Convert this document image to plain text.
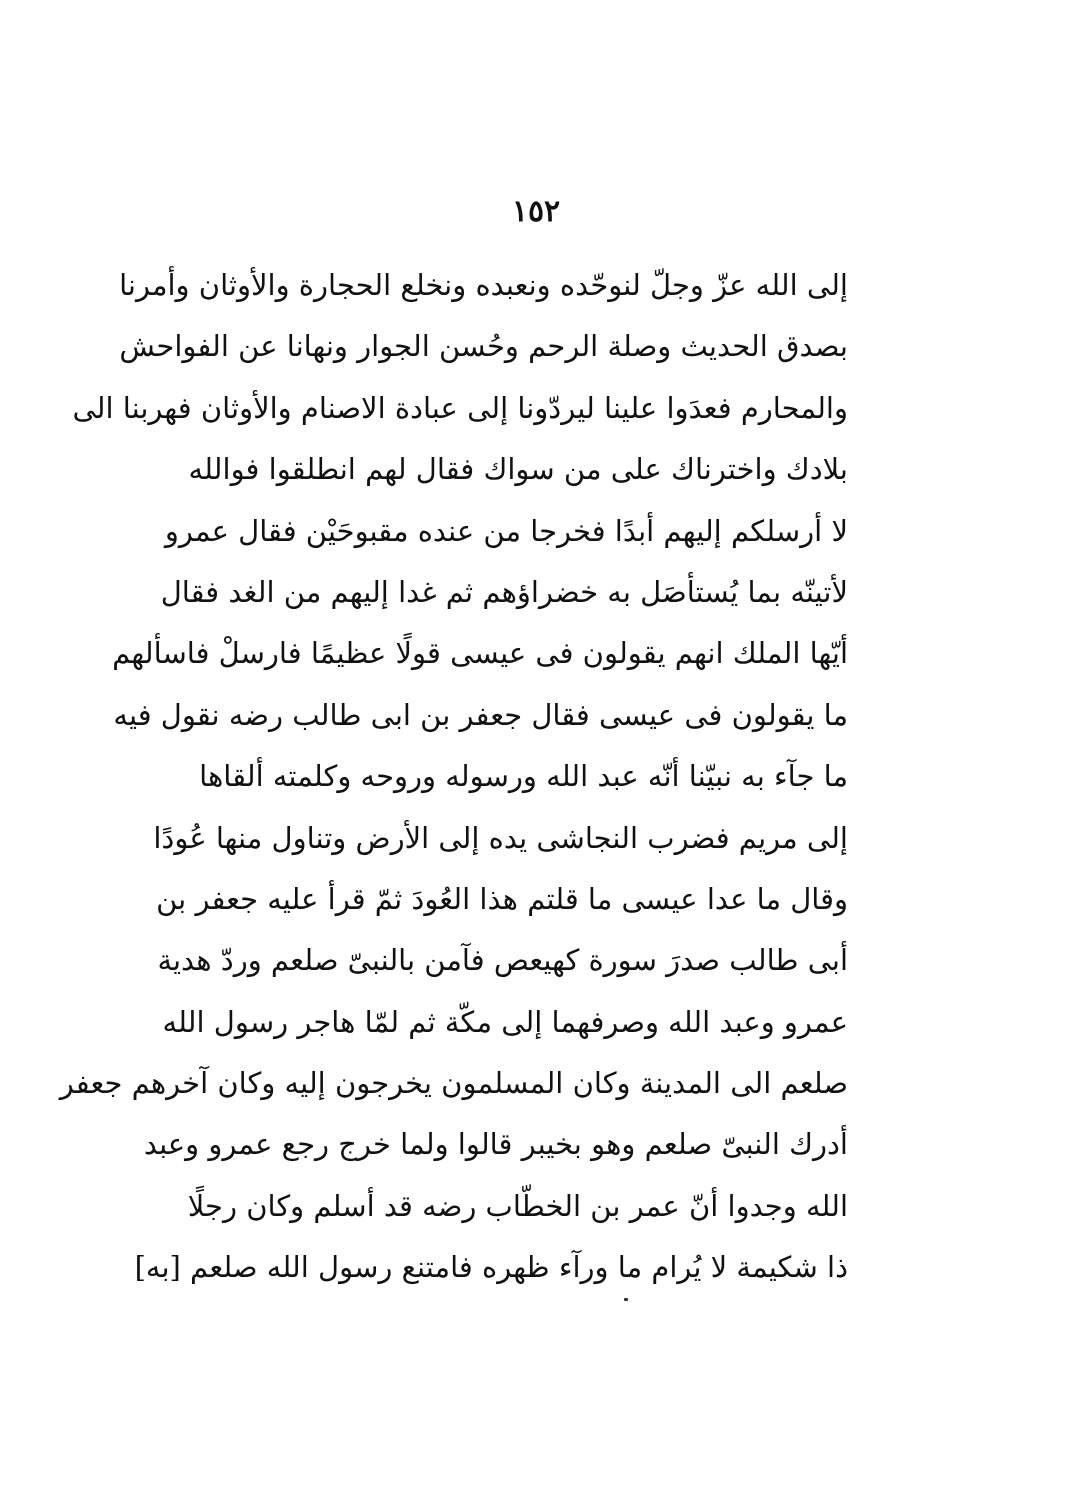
١٥٢
إلى الله عزّ وجلّ لنوحّده ونعبده ونخلع الحجارة والأوثان وأمرنا
بصدق الحديث وصلة الرحم وحُسن الجوار ونهانا عن الفواحش
والمحارم فعدَوا علينا ليردّونا إلى عبادة الاصنام والأوثان فهربنا الى
بلادك واخترناك على من سواك فقال لهم انطلقوا فوالله
لا أرسلكم إليهم أبدًا فخرجا من عنده مقبوحَيْن فقال عمرو
لأتينّه بما يُستأصَل به خضراؤهم ثم غدا إليهم من الغد فقال
أيّها الملك انهم يقولون فى عيسى قولًا عظيمًا فارسلْ فاسألهم
ما يقولون فى عيسى فقال جعفر بن ابى طالب رضه نقول فيه
ما جآء به نبيّنا أنّه عبد الله ورسوله وروحه وكلمته ألقاها
إلى مريم فضرب النجاشى يده إلى الأرض وتناول منها عُودًا
وقال ما عدا عيسى ما قلتم هذا العُودَ ثمّ قرأ عليه جعفر بن
أبى طالب صدرَ سورة كهيعص فآمن بالنبىّ صلعم وردّ هدية
عمرو وعبد الله وصرفهما إلى مكّة ثم لمّا هاجر رسول الله
صلعم الى المدينة وكان المسلمون يخرجون إليه وكان آخرهم جعفر
أدرك النبىّ صلعم وهو بخيبر قالوا ولما خرج رجع عمرو وعبد
الله وجدوا أنّ عمر بن الخطّاب رضه قد أسلم وكان رجلًا
ذا شكيمة لا يُرام ما ورآء ظهره فامتنع رسول الله صلعم [به]
